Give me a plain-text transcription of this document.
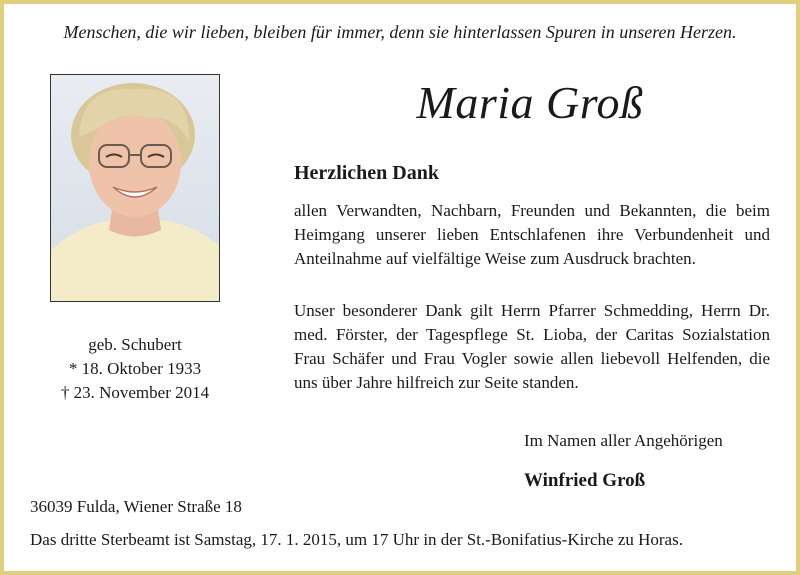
Menschen, die wir lieben, bleiben für immer, denn sie hinterlassen Spuren in unseren Herzen.
geb. Schubert
* 18. Oktober 1933
† 23. November 2014
Maria Groß
Herzlichen Dank
allen Verwandten, Nachbarn, Freunden und Bekannten, die beim Heimgang unserer lieben Entschlafenen ihre Verbundenheit und Anteilnahme auf vielfältige Weise zum Ausdruck brachten.
Unser besonderer Dank gilt Herrn Pfarrer Schmedding, Herrn Dr. med. Förster, der Tagespflege St. Lioba, der Caritas Sozialstation Frau Schäfer und Frau Vogler sowie allen liebevoll Helfenden, die uns über Jahre hilfreich zur Seite standen.
Im Namen aller Angehörigen
Winfried Groß
36039 Fulda, Wiener Straße 18
Das dritte Sterbeamt ist Samstag, 17. 1. 2015, um 17 Uhr in der St.-Bonifatius-Kirche zu Horas.
